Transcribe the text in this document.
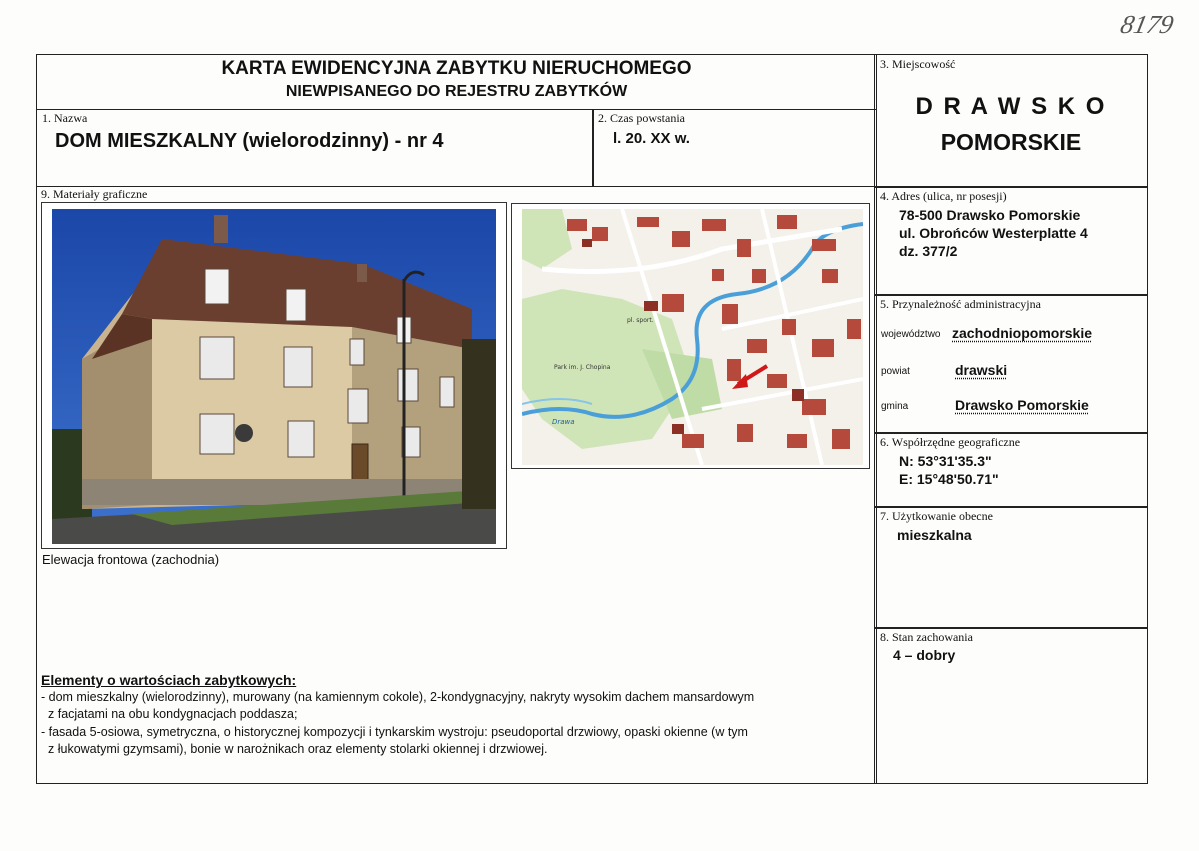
8179
KARTA EWIDENCYJNA ZABYTKU NIERUCHOMEGO
NIEWPISANEGO DO REJESTRU ZABYTKÓW
1. Nazwa
DOM MIESZKALNY (wielorodzinny) - nr 4
2. Czas powstania
l. 20. XX w.
9. Materiały graficzne
Park im. J. Chopina
Drawa
pl. sport.
Elewacja frontowa (zachodnia)
Elementy o wartościach zabytkowych:
- dom mieszkalny (wielorodzinny), murowany (na kamiennym cokole), 2-kondygnacyjny, nakryty wysokim dachem mansardowym
z facjatami na obu kondygnacjach poddasza;
- fasada 5-osiowa, symetryczna, o historycznej kompozycji i tynkarskim wystroju: pseudoportal drzwiowy, opaski okienne (w tym
z łukowatymi gzymsami), bonie w narożnikach oraz elementy stolarki okiennej i drzwiowej.
3. Miejscowość
D R A W S K O
POMORSKIE
4. Adres (ulica, nr posesji)
78-500 Drawsko Pomorskie
ul. Obrońców Westerplatte 4
dz. 377/2
5. Przynależność administracyjna
województwo zachodniopomorskie
powiat	drawski
gmina	Drawsko Pomorskie
6. Współrzędne geograficzne
N: 53°31'35.3"
E: 15°48'50.71"
7. Użytkowanie obecne
mieszkalna
8. Stan zachowania
4 – dobry
